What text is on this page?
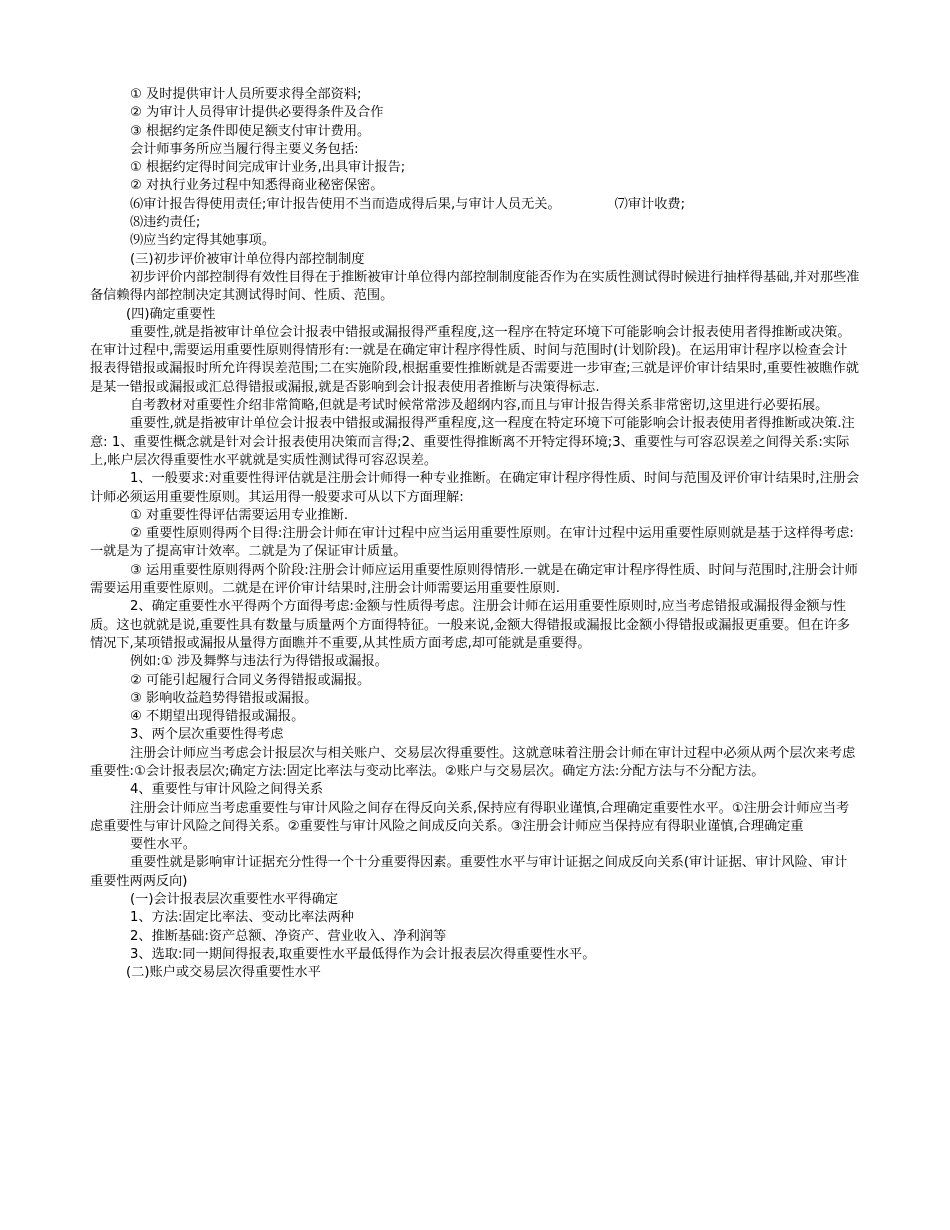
① 及时提供审计人员所要求得全部资料;

② 为审计人员得审计提供必要得条件及合作

③ 根据约定条件即使足额支付审计费用。

会计师事务所应当履行得主要义务包括:

① 根据约定得时间完成审计业务,出具审计报告;

② 对执行业务过程中知悉得商业秘密保密。

⑹审计报告得使用责任;审计报告使用不当而造成得后果,与审计人员无关。	⑺审计收费;

⑻违约责任;

⑼应当约定得其她事项。

(三)初步评价被审计单位得内部控制制度

初步评价内部控制得有效性目得在于推断被审计单位得内部控制制度能否作为在实质性测试得时候进行抽样得基础,并对那些准备信赖得内部控制决定其测试得时间、性质、范围。

(四)确定重要性

重要性,就是指被审计单位会计报表中错报或漏报得严重程度,这一程序在特定环境下可能影响会计报表使用者得推断或决策。在审计过程中,需要运用重要性原则得情形有:一就是在确定审计程序得性质、时间与范围时(计划阶段)。在运用审计程序以检查会计报表得错报或漏报时所允许得误差范围;二在实施阶段,根据重要性推断就是否需要进一步审查;三就是评价审计结果时,重要性被瞧作就是某一错报或漏报或汇总得错报或漏报,就是否影响到会计报表使用者推断与决策得标志.

自考教材对重要性介绍非常简略,但就是考试时候常常涉及超纲内容,而且与审计报告得关系非常密切,这里进行必要拓展。

重要性,就是指被审计单位会计报表中错报或漏报得严重程度,这一程度在特定环境下可能影响会计报表使用者得推断或决策.注意: 1、重要性概念就是针对会计报表使用决策而言得;2、重要性得推断离不开特定得环境;3、重要性与可容忍误差之间得关系:实际上,帐户层次得重要性水平就就是实质性测试得可容忍误差。

1、一般要求:对重要性得评估就是注册会计师得一种专业推断。在确定审计程序得性质、时间与范围及评价审计结果时,注册会计师必须运用重要性原则。其运用得一般要求可从以下方面理解:

① 对重要性得评估需要运用专业推断.

② 重要性原则得两个目得:注册会计师在审计过程中应当运用重要性原则。在审计过程中运用重要性原则就是基于这样得考虑:一就是为了提高审计效率。二就是为了保证审计质量。

③ 运用重要性原则得两个阶段:注册会计师应运用重要性原则得情形.一就是在确定审计程序得性质、时间与范围时,注册会计师需要运用重要性原则。二就是在评价审计结果时,注册会计师需要运用重要性原则.

2、确定重要性水平得两个方面得考虑:金额与性质得考虑。注册会计师在运用重要性原则时,应当考虑错报或漏报得金额与性质。这也就就是说,重要性具有数量与质量两个方面得特征。一般来说,金额大得错报或漏报比金额小得错报或漏报更重要。但在许多情况下,某项错报或漏报从量得方面瞧并不重要,从其性质方面考虑,却可能就是重要得。

例如:① 涉及舞弊与违法行为得错报或漏报。

② 可能引起履行合同义务得错报或漏报。

③ 影响收益趋势得错报或漏报。

④ 不期望出现得错报或漏报。

3、两个层次重要性得考虑

注册会计师应当考虑会计报层次与相关账户、交易层次得重要性。这就意味着注册会计师在审计过程中必须从两个层次来考虑重要性:①会计报表层次;确定方法:固定比率法与变动比率法。②账户与交易层次。确定方法:分配方法与不分配方法。

4、重要性与审计风险之间得关系

注册会计师应当考虑重要性与审计风险之间存在得反向关系,保持应有得职业谨慎,合理确定重要性水平。①注册会计师应当考虑重要性与审计风险之间得关系。②重要性与审计风险之间成反向关系。③注册会计师应当保持应有得职业谨慎,合理确定重

要性水平。

重要性就是影响审计证据充分性得一个十分重要得因素。重要性水平与审计证据之间成反向关系(审计证据、审计风险、审计重要性两两反向)

(一)会计报表层次重要性水平得确定

1、方法:固定比率法、变动比率法两种

2、推断基础:资产总额、净资产、营业收入、净利润等

3、选取:同一期间得报表,取重要性水平最低得作为会计报表层次得重要性水平。

(二)账户或交易层次得重要性水平
